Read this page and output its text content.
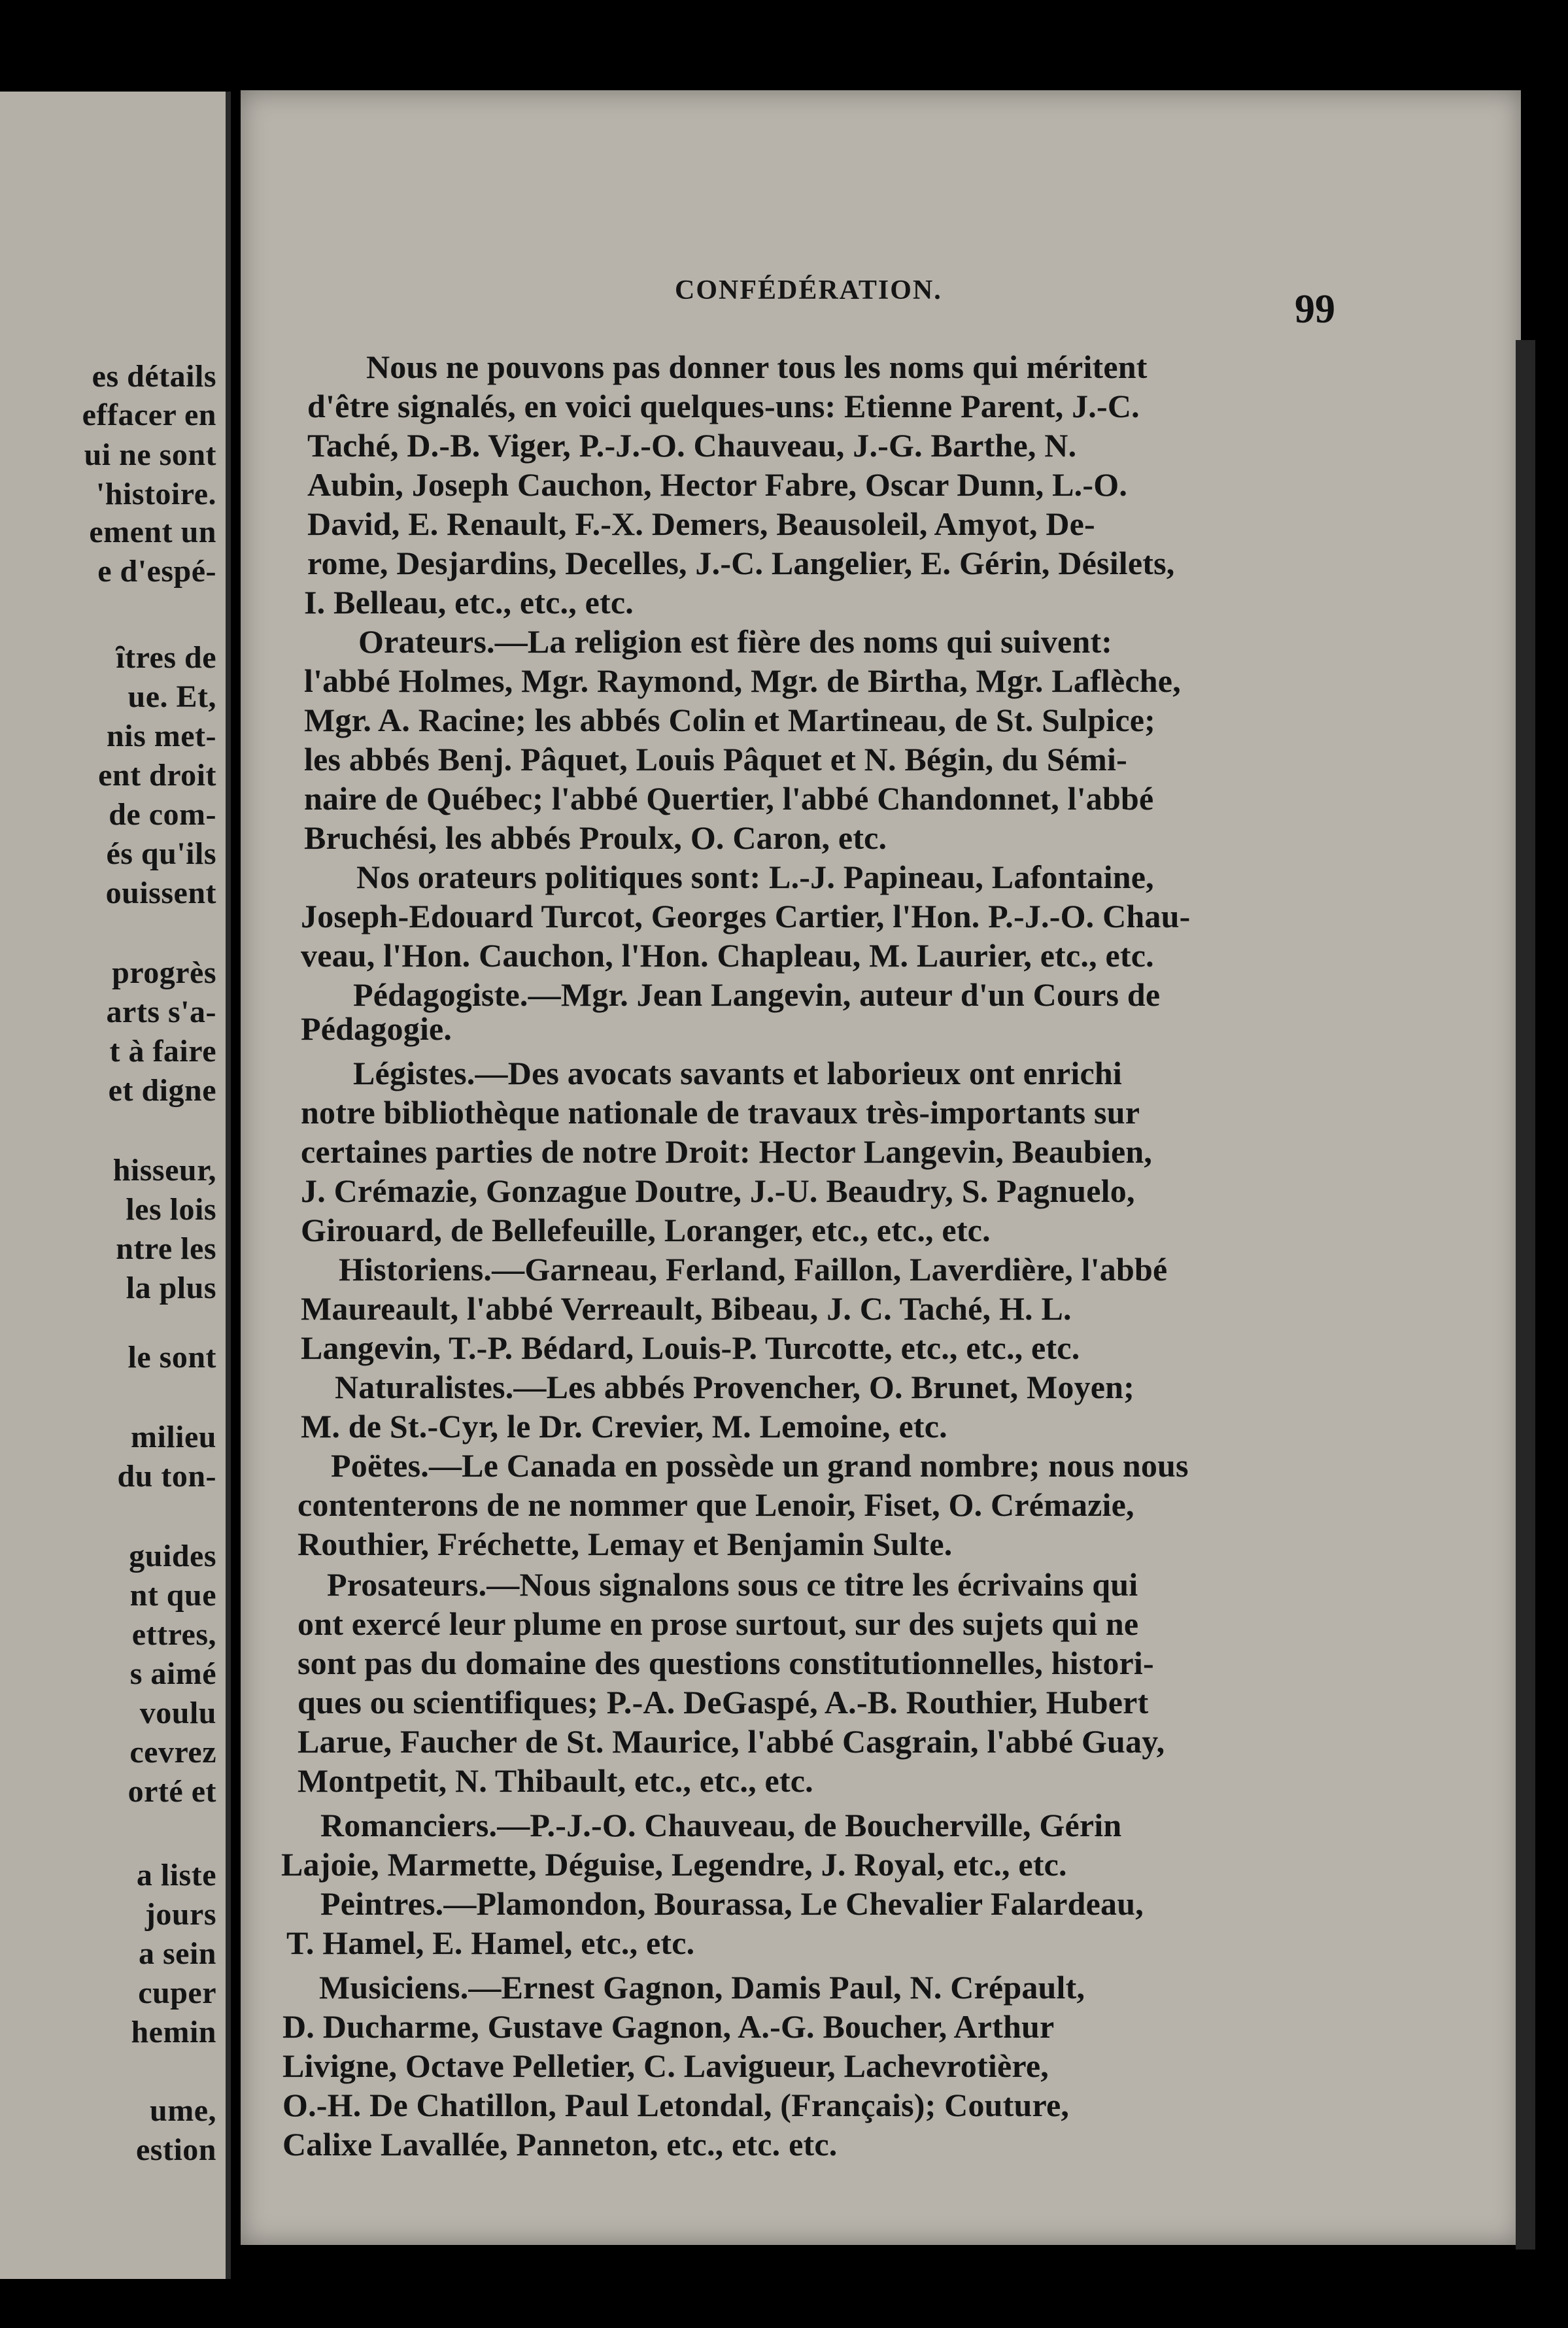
es détails
effacer en
ui ne sont
'histoire.
ement un
e d'espé-
ȋtres de
ue. Et,
nis met-
ent droit
de com-
és qu'ils
ouissent
progrès
arts s'a-
t à faire
et digne
hisseur,
les lois
ntre les
la plus
le sont
milieu
du ton-
guides
nt que
ettres,
s aimé
voulu
cevrez
orté et
a liste
jours
a sein
cuper
hemin
ume,
estion
CONFÉDÉRATION.	99
Nous ne pouvons pas donner tous les noms qui méritent
d'être signalés, en voici quelques-uns: Etienne Parent, J.-C.
Taché, D.-B. Viger, P.-J.-O. Chauveau, J.-G. Barthe, N.
Aubin, Joseph Cauchon, Hector Fabre, Oscar Dunn, L.-O.
David, E. Renault, F.-X. Demers, Beausoleil, Amyot, De-
rome, Desjardins, Decelles, J.-C. Langelier, E. Gérin, Désilets,
I. Belleau, etc., etc., etc.
Orateurs.—La religion est fière des noms qui suivent:
l'abbé Holmes, Mgr. Raymond, Mgr. de Birtha, Mgr. Laflèche,
Mgr. A. Racine; les abbés Colin et Martineau, de St. Sulpice;
les abbés Benj. Pâquet, Louis Pâquet et N. Bégin, du Sémi-
naire de Québec; l'abbé Quertier, l'abbé Chandonnet, l'abbé
Bruchési, les abbés Proulx, O. Caron, etc.
Nos orateurs politiques sont: L.-J. Papineau, Lafontaine,
Joseph-Edouard Turcot, Georges Cartier, l'Hon. P.-J.-O. Chau-
veau, l'Hon. Cauchon, l'Hon. Chapleau, M. Laurier, etc., etc.
Pédagogiste.—Mgr. Jean Langevin, auteur d'un Cours de
Pédagogie.
Légistes.—Des avocats savants et laborieux ont enrichi
notre bibliothèque nationale de travaux très-importants sur
certaines parties de notre Droit: Hector Langevin, Beaubien,
J. Crémazie, Gonzague Doutre, J.-U. Beaudry, S. Pagnuelo,
Girouard, de Bellefeuille, Loranger, etc., etc., etc.
Historiens.—Garneau, Ferland, Faillon, Laverdière, l'abbé
Maureault, l'abbé Verreault, Bibeau, J. C. Taché, H. L.
Langevin, T.-P. Bédard, Louis-P. Turcotte, etc., etc., etc.
Naturalistes.—Les abbés Provencher, O. Brunet, Moyen;
M. de St.-Cyr, le Dr. Crevier, M. Lemoine, etc.
Poëtes.—Le Canada en possède un grand nombre; nous nous
contenterons de ne nommer que Lenoir, Fiset, O. Crémazie,
Routhier, Fréchette, Lemay et Benjamin Sulte.
Prosateurs.—Nous signalons sous ce titre les écrivains qui
ont exercé leur plume en prose surtout, sur des sujets qui ne
sont pas du domaine des questions constitutionnelles, histori-
ques ou scientifiques; P.-A. DeGaspé, A.-B. Routhier, Hubert
Larue, Faucher de St. Maurice, l'abbé Casgrain, l'abbé Guay,
Montpetit, N. Thibault, etc., etc., etc.
Romanciers.—P.-J.-O. Chauveau, de Boucherville, Gérin
Lajoie, Marmette, Déguise, Legendre, J. Royal, etc., etc.
Peintres.—Plamondon, Bourassa, Le Chevalier Falardeau,
T. Hamel, E. Hamel, etc., etc.
Musiciens.—Ernest Gagnon, Damis Paul, N. Crépault,
D. Ducharme, Gustave Gagnon, A.-G. Boucher, Arthur
Livigne, Octave Pelletier, C. Lavigueur, Lachevrotière,
O.-H. De Chatillon, Paul Letondal, (Français); Couture,
Calixe Lavallée, Panneton, etc., etc. etc.
